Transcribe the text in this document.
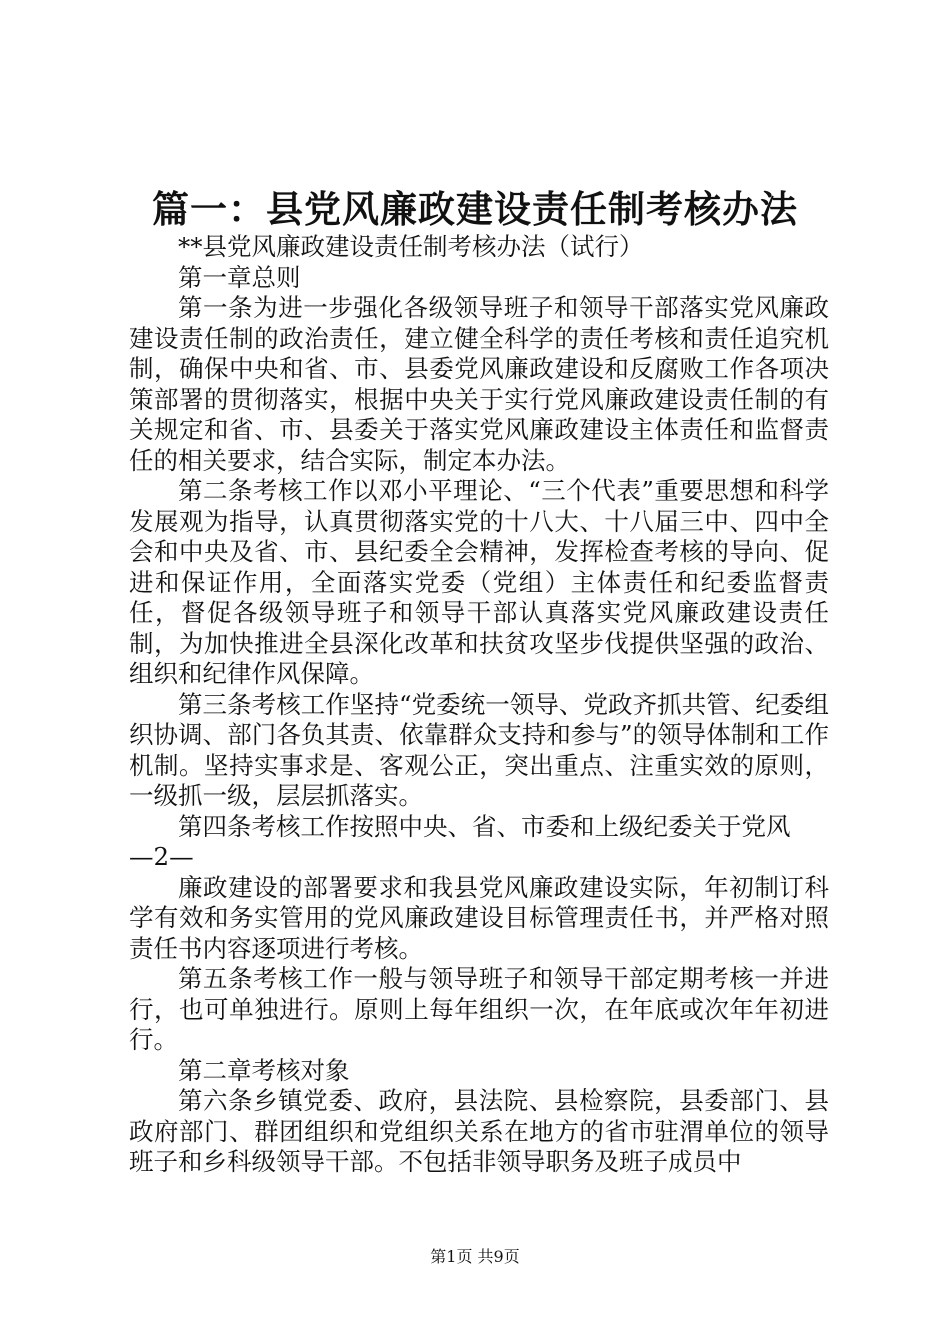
篇一：县党风廉政建设责任制考核办法

**县党风廉政建设责任制考核办法（试行）

第一章总则

第一条为进一步强化各级领导班子和领导干部落实党风廉政建设责任制的政治责任，建立健全科学的责任考核和责任追究机制，确保中央和省、市、县委党风廉政建设和反腐败工作各项决策部署的贯彻落实，根据中央关于实行党风廉政建设责任制的有关规定和省、市、县委关于落实党风廉政建设主体责任和监督责任的相关要求，结合实际，制定本办法。

第二条考核工作以邓小平理论、“三个代表”重要思想和科学发展观为指导，认真贯彻落实党的十八大、十八届三中、四中全会和中央及省、市、县纪委全会精神，发挥检查考核的导向、促进和保证作用，全面落实党委（党组）主体责任和纪委监督责任，督促各级领导班子和领导干部认真落实党风廉政建设责任制，为加快推进全县深化改革和扶贫攻坚步伐提供坚强的政治、组织和纪律作风保障。

第三条考核工作坚持“党委统一领导、党政齐抓共管、纪委组织协调、部门各负其责、依靠群众支持和参与”的领导体制和工作机制。坚持实事求是、客观公正，突出重点、注重实效的原则，一级抓一级，层层抓落实。

第四条考核工作按照中央、省、市委和上级纪委关于党风

—2—

廉政建设的部署要求和我县党风廉政建设实际，年初制订科学有效和务实管用的党风廉政建设目标管理责任书，并严格对照责任书内容逐项进行考核。

第五条考核工作一般与领导班子和领导干部定期考核一并进行，也可单独进行。原则上每年组织一次，在年底或次年年初进行。

第二章考核对象

第六条乡镇党委、政府，县法院、县检察院，县委部门、县政府部门、群团组织和党组织关系在地方的省市驻渭单位的领导班子和乡科级领导干部。不包括非领导职务及班子成员中

第1页 共9页
